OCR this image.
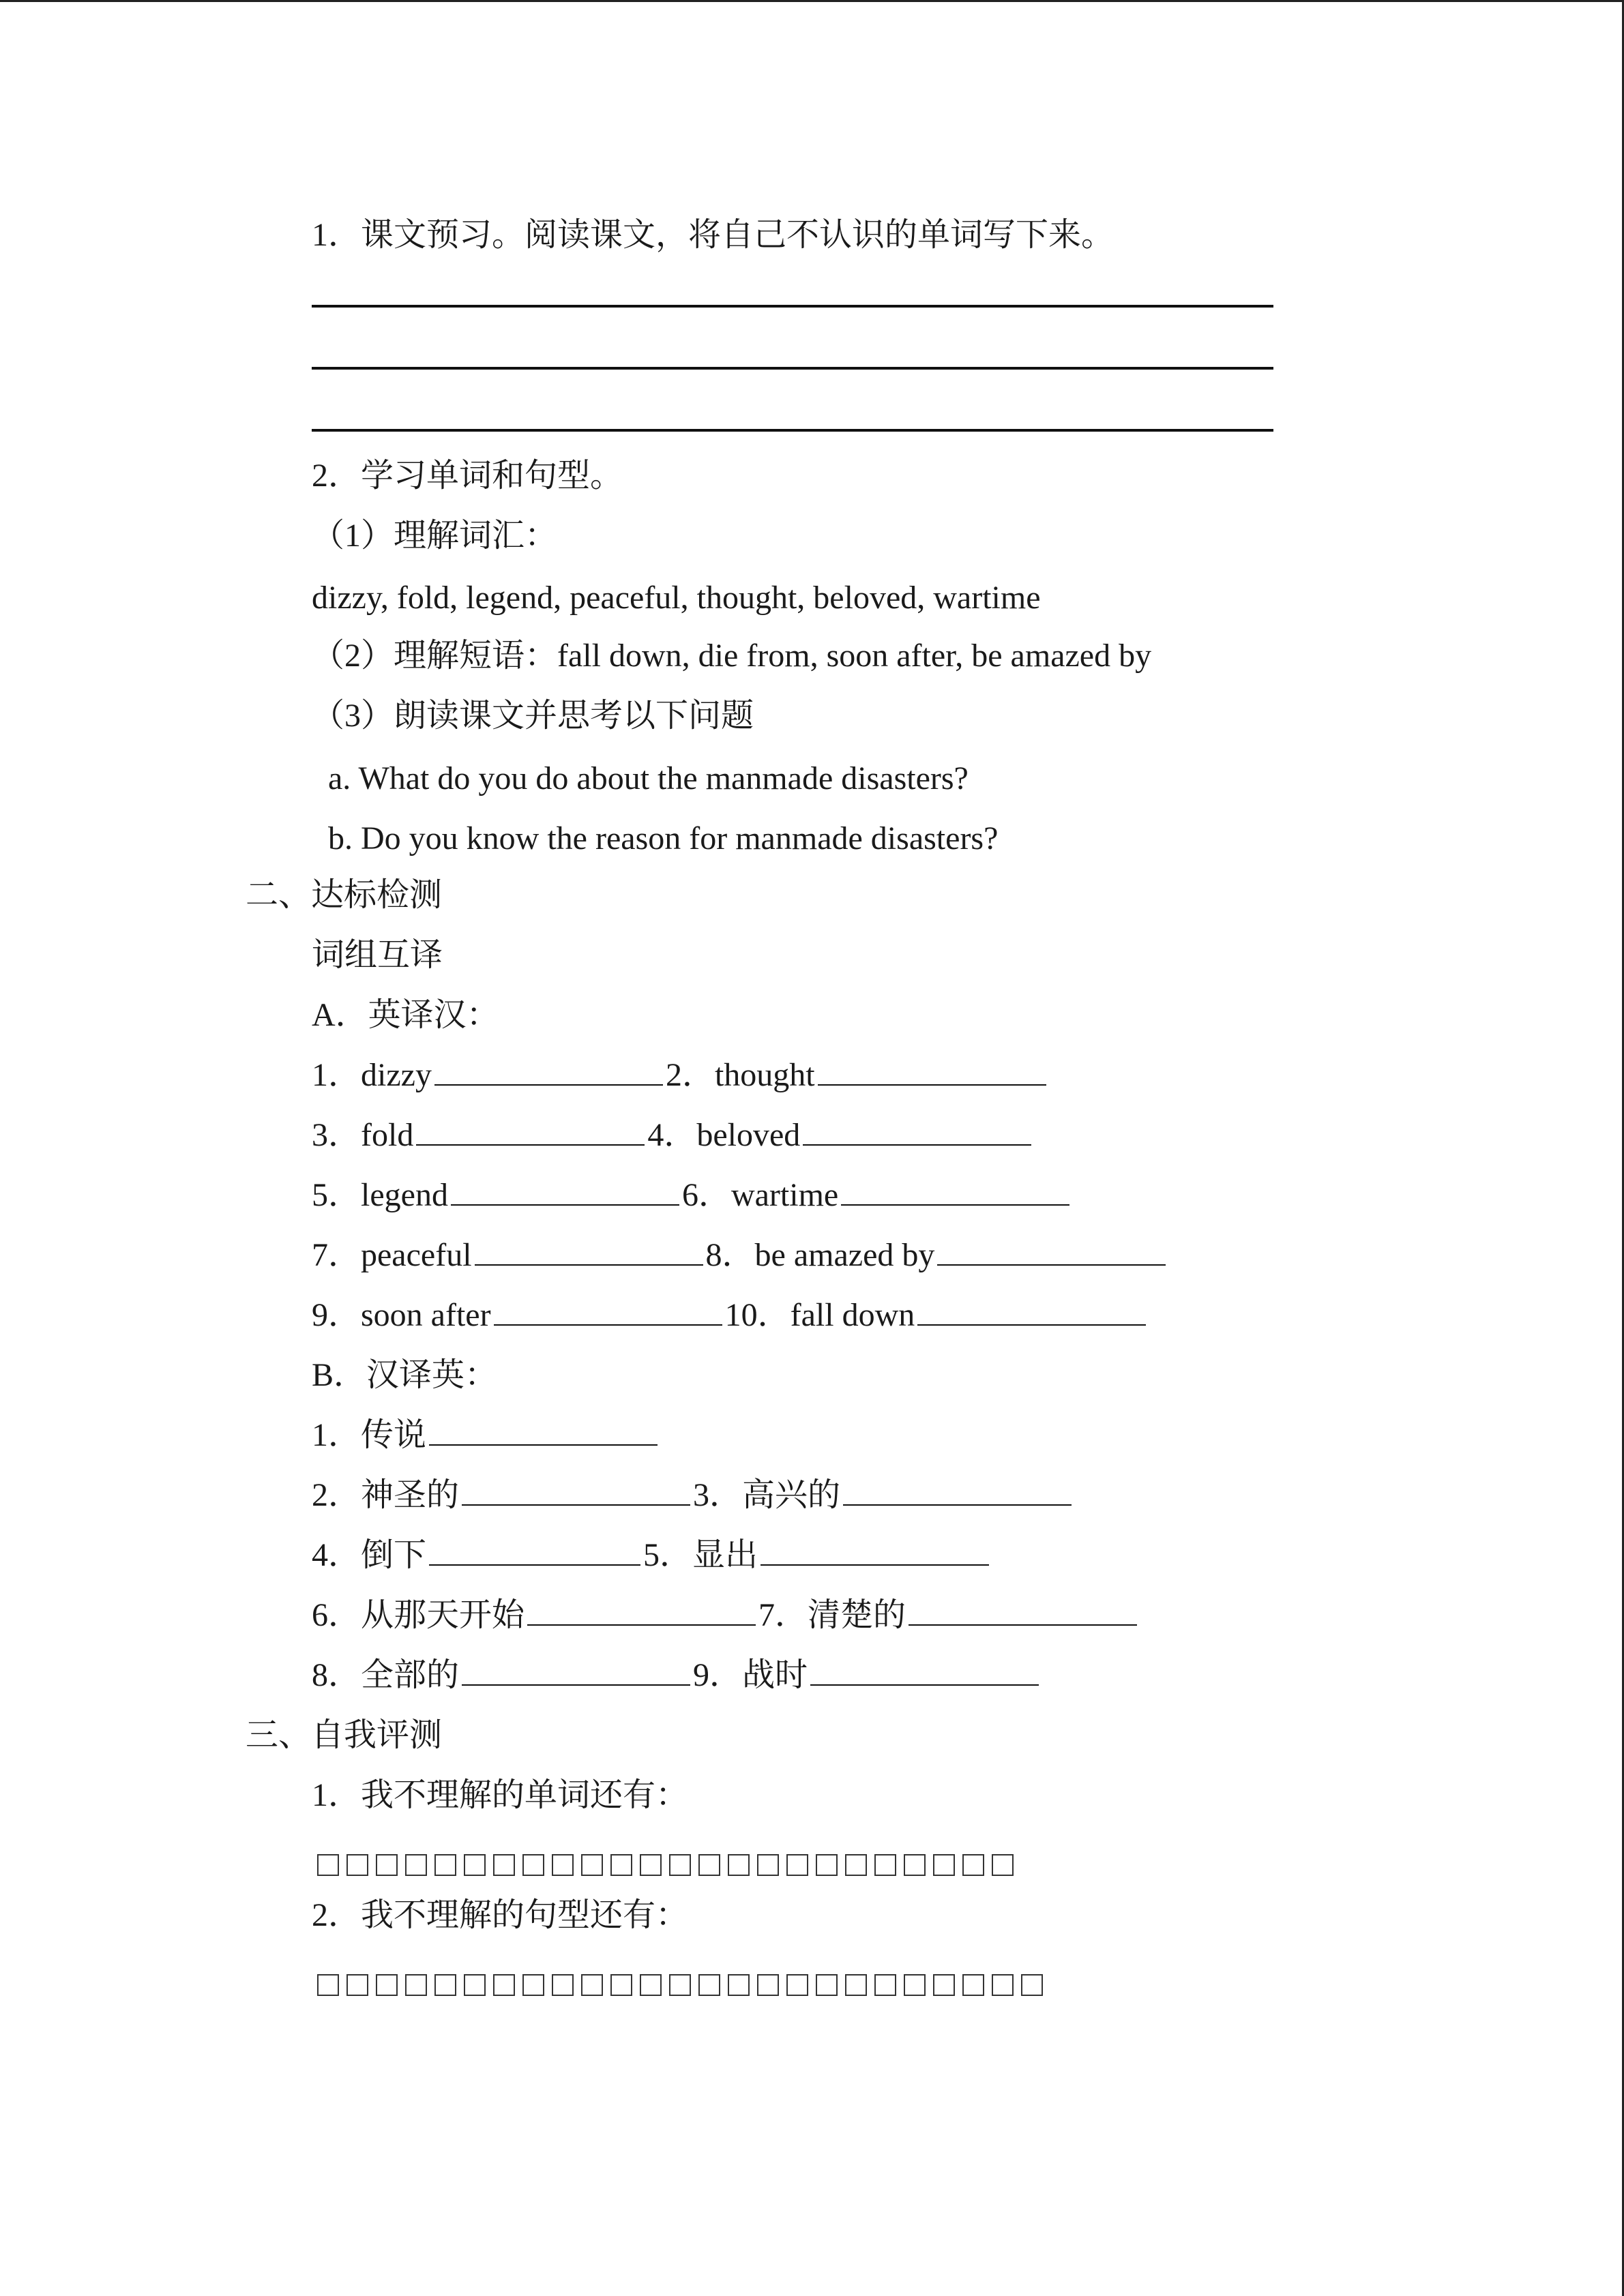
1．课文预习。阅读课文，将自己不认识的单词写下来。
2．学习单词和句型。
（1）理解词汇：
dizzy, fold, legend, peaceful, thought, beloved, wartime
（2）理解短语：fall down, die from, soon after, be amazed by
（3）朗读课文并思考以下问题
a. What do you do about the manmade disasters?
b. Do you know the reason for manmade disasters?
二、达标检测
词组互译
A．英译汉：
1．dizzy	2．thought
3．fold	4．beloved
5．legend	6．wartime
7．peaceful	8．be amazed by
9．soon after	10．fall down
B．汉译英：
1．传说
2．神圣的	3．高兴的
4．倒下	5．显出
6．从那天开始	7．清楚的
8．全部的	9．战时
三、自我评测
1．我不理解的单词还有：
2．我不理解的句型还有：
